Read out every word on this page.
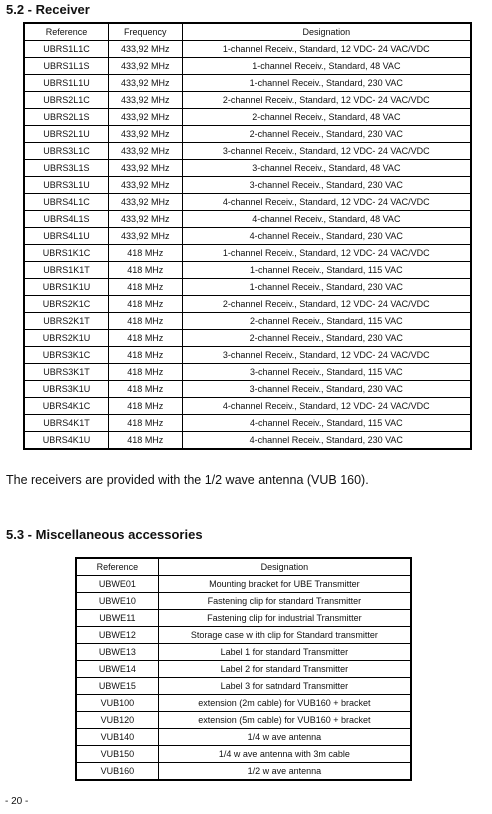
5.2 - Receiver
Reference	Frequency	Designation
UBRS1L1C	433,92 MHz	1-channel Receiv., Standard, 12 VDC- 24 VAC/VDC
UBRS1L1S	433,92 MHz	1-channel Receiv., Standard, 48 VAC
UBRS1L1U	433,92 MHz	1-channel Receiv., Standard, 230 VAC
UBRS2L1C	433,92 MHz	2-channel Receiv., Standard, 12 VDC- 24 VAC/VDC
UBRS2L1S	433,92 MHz	2-channel Receiv., Standard, 48 VAC
UBRS2L1U	433,92 MHz	2-channel Receiv., Standard, 230 VAC
UBRS3L1C	433,92 MHz	3-channel Receiv., Standard, 12 VDC- 24 VAC/VDC
UBRS3L1S	433,92 MHz	3-channel Receiv., Standard, 48 VAC
UBRS3L1U	433,92 MHz	3-channel Receiv., Standard, 230 VAC
UBRS4L1C	433,92 MHz	4-channel Receiv., Standard, 12 VDC- 24 VAC/VDC
UBRS4L1S	433,92 MHz	4-channel Receiv., Standard, 48 VAC
UBRS4L1U	433,92 MHz	4-channel Receiv., Standard, 230 VAC
UBRS1K1C	418 MHz	1-channel Receiv., Standard, 12 VDC- 24 VAC/VDC
UBRS1K1T	418 MHz	1-channel Receiv., Standard, 115 VAC
UBRS1K1U	418 MHz	1-channel Receiv., Standard, 230 VAC
UBRS2K1C	418 MHz	2-channel Receiv., Standard, 12 VDC- 24 VAC/VDC
UBRS2K1T	418 MHz	2-channel Receiv., Standard, 115 VAC
UBRS2K1U	418 MHz	2-channel Receiv., Standard, 230 VAC
UBRS3K1C	418 MHz	3-channel Receiv., Standard, 12 VDC- 24 VAC/VDC
UBRS3K1T	418 MHz	3-channel Receiv., Standard, 115 VAC
UBRS3K1U	418 MHz	3-channel Receiv., Standard, 230 VAC
UBRS4K1C	418 MHz	4-channel Receiv., Standard, 12 VDC- 24 VAC/VDC
UBRS4K1T	418 MHz	4-channel Receiv., Standard, 115 VAC
UBRS4K1U	418 MHz	4-channel Receiv., Standard, 230 VAC

The receivers are provided with the 1/2 wave antenna (VUB 160).

5.3 - Miscellaneous accessories
Reference	Designation
UBWE01	Mounting bracket for UBE Transmitter
UBWE10	Fastening clip for standard Transmitter
UBWE11	Fastening clip for industrial Transmitter
UBWE12	Storage case w ith clip for Standard transmitter
UBWE13	Label 1 for standard Transmitter
UBWE14	Label 2 for standard Transmitter
UBWE15	Label 3 for satndard Transmitter
VUB100	extension (2m cable) for VUB160 + bracket
VUB120	extension (5m cable) for VUB160 + bracket
VUB140	1/4 w ave antenna
VUB150	1/4 w ave antenna with 3m cable
VUB160	1/2 w ave antenna

- 20 -
